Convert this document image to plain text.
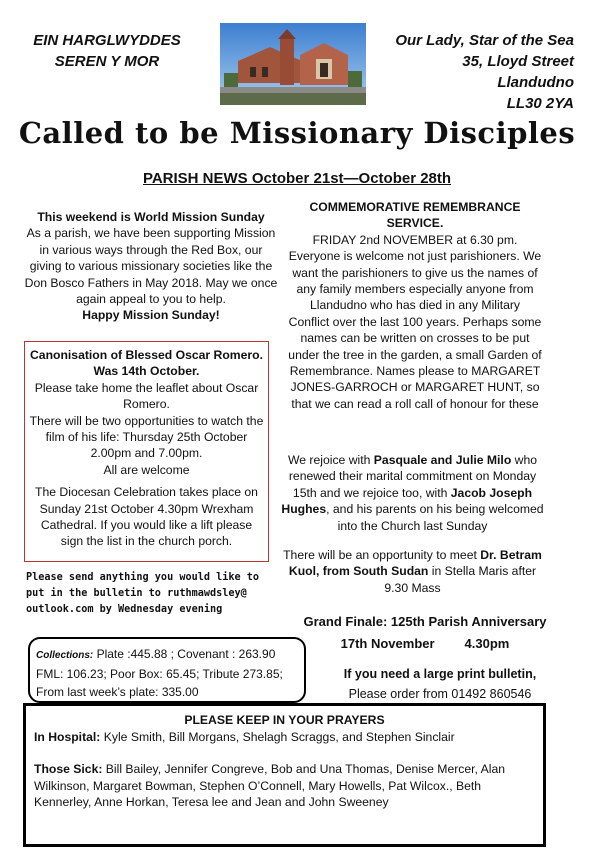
EIN HARGLWYDDES
SEREN Y MOR
Our Lady, Star of the Sea
35, Lloyd Street
Llandudno
LL30 2YA
Called to be Missionary Disciples
PARISH NEWS October 21st—October 28th
This weekend is World Mission Sunday
As a parish, we have been supporting Mission in various ways through the Red Box, our giving to various missionary societies like the Don Bosco Fathers in May 2018. May we once again appeal to you to help.
Happy Mission Sunday!
Canonisation of Blessed Oscar Romero.
Was 14th October.
Please take home the leaflet about Oscar Romero.
There will be two opportunities to watch the film of his life: Thursday 25th October 2.00pm and 7.00pm.

All are welcome

The Diocesan Celebration takes place on Sunday 21st October 4.30pm Wrexham Cathedral. If you would like a lift please sign the list in the church porch.
Please send anything you would like to put in the bulletin to ruthmawdsley@ outlook.com by Wednesday evening
Collections: Plate :445.88 ; Covenant : 263.90
FML: 106.23; Poor Box: 65.45; Tribute 273.85;
From last week’s plate: 335.00
COMMEMORATIVE REMEMBRANCE
SERVICE.
FRIDAY 2nd NOVEMBER at 6.30 pm. Everyone is welcome not just parishioners. We want the parishioners to give us the names of any family members especially anyone from Llandudno who has died in any Military Conflict over the last 100 years. Perhaps some names can be written on crosses to be put under the tree in the garden, a small Garden of Remembrance. Names please to MARGARET JONES-GARROCH or MARGARET HUNT, so that we can read a roll call of honour for these
We rejoice with Pasquale and Julie Milo who renewed their marital commitment on Monday 15th and we rejoice too, with Jacob Joseph Hughes, and his parents on his being welcomed into the Church last Sunday
There will be an opportunity to meet Dr. Betram Kuol, from South Sudan in Stella Maris after 9.30 Mass
Grand Finale: 125th Parish Anniversary
17th November 4.30pm
If you need a large print bulletin,
Please order from 01492 860546
PLEASE KEEP IN YOUR PRAYERS

In Hospital: Kyle Smith, Bill Morgans, Shelagh Scraggs, and Stephen Sinclair

Those Sick: Bill Bailey, Jennifer Congreve, Bob and Una Thomas, Denise Mercer, Alan Wilkinson, Margaret Bowman, Stephen O’Connell, Mary Howells, Pat Wilcox., Beth Kennerley, Anne Horkan, Teresa lee and Jean and John Sweeney
